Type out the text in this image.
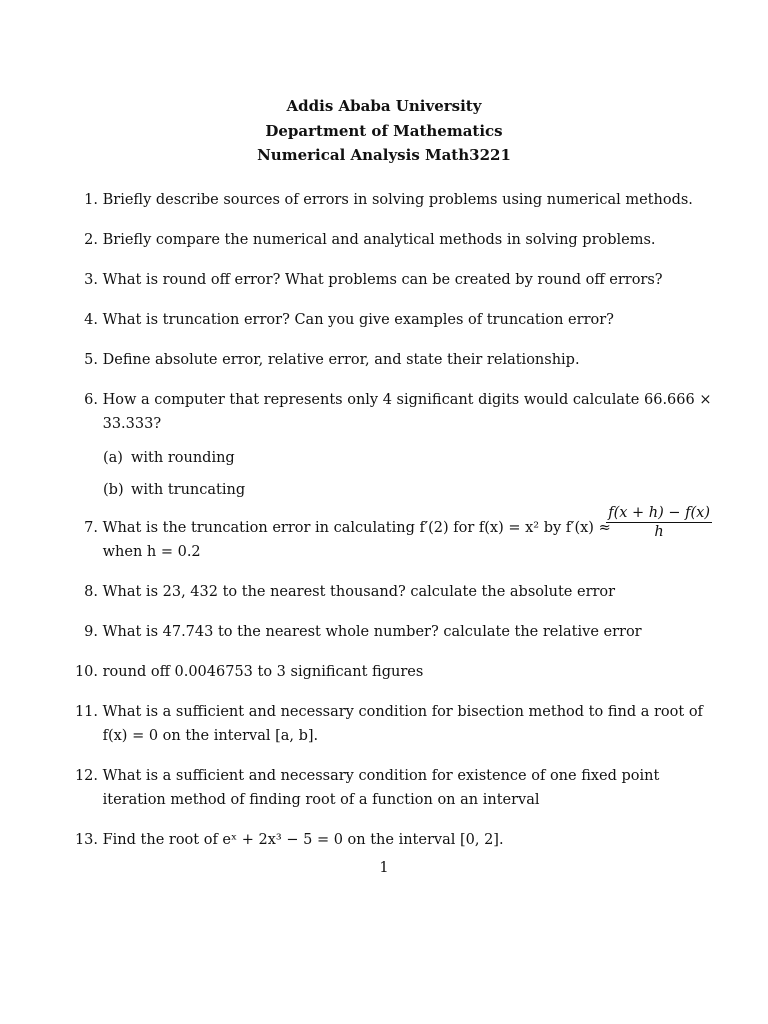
Addis Ababa University
Department of Mathematics
Numerical Analysis Math3221
1.
Briefly describe sources of errors in solving problems using numerical methods.
2.
Briefly compare the numerical and analytical methods in solving problems.
3.
What is round off error? What problems can be created by round off errors?
4.
What is truncation error? Can you give examples of truncation error?
5.
Define absolute error, relative error, and state their relationship.
6.
How a computer that represents only 4 significant digits would calculate 66.666 × 33.333?
(a) with rounding
(b) with truncating
7.
What is the truncation error in calculating f′(2) for f(x) = x² by f′(x) ≈
$\frac{f(x + h) - f(x)}{h}$

when h = 0.2
8.
What is 23, 432 to the nearest thousand? calculate the absolute error
9.
What is 47.743 to the nearest whole number? calculate the relative error
10.
round off 0.0046753 to 3 significant figures
11.
What is a sufficient and necessary condition for bisection method to find a root of f(x) = 0 on the interval [a, b].
12.
What is a sufficient and necessary condition for existence of one fixed point iteration method of finding root of a function on an interval
13.
Find the root of eˣ + 2x³ − 5 = 0 on the interval [0, 2].
1
